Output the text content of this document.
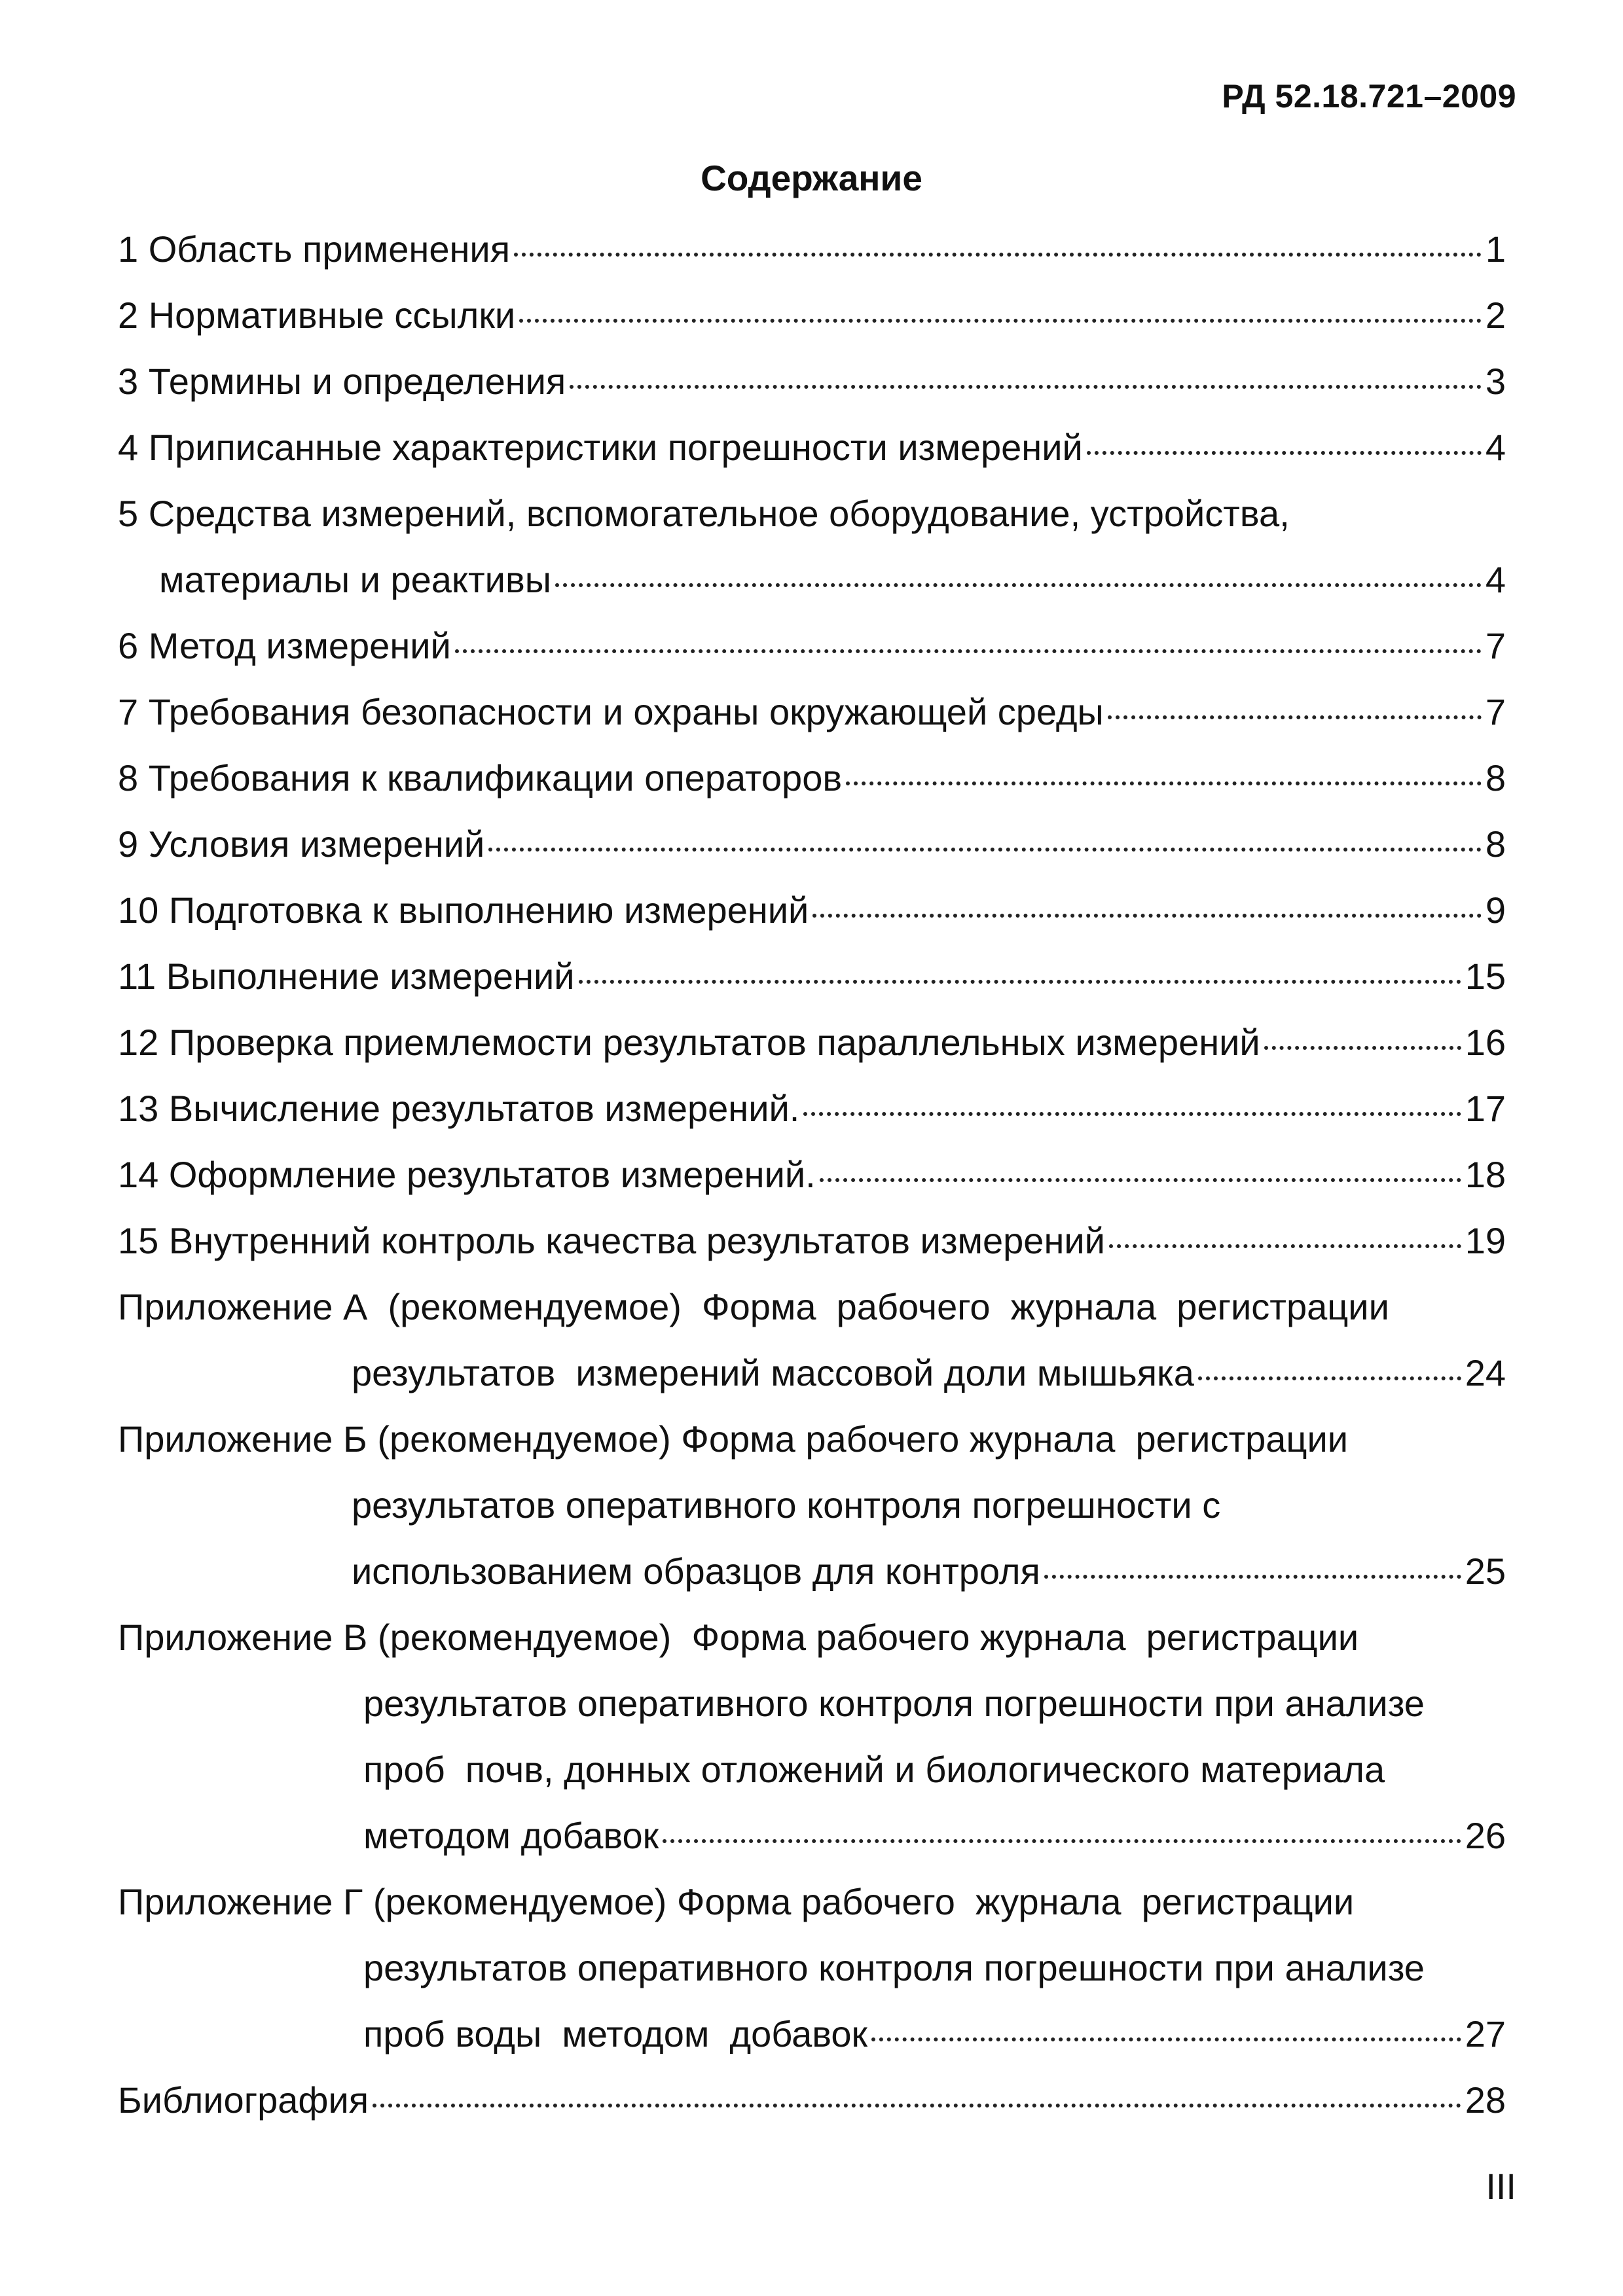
РД 52.18.721–2009
Содержание
1 Область применения	1
2 Нормативные ссылки	2
3 Термины и определения	3
4 Приписанные характеристики погрешности измерений	4
5 Средства измерений, вспомогательное оборудование, устройства,
материалы и реактивы	4
6 Метод измерений	7
7 Требования безопасности и охраны окружающей среды	7
8 Требования к квалификации операторов	8
9 Условия измерений	8
10 Подготовка к выполнению измерений	9
11 Выполнение измерений	15
12 Проверка приемлемости результатов параллельных измерений	16
13 Вычисление результатов измерений.	17
14 Оформление результатов измерений.	18
15 Внутренний контроль качества результатов измерений	19
Приложение А  (рекомендуемое)  Форма  рабочего  журнала  регистрации
результатов  измерений массовой доли мышьяка	24
Приложение Б (рекомендуемое) Форма рабочего журнала  регистрации
результатов оперативного контроля погрешности с
использованием образцов для контроля	25
Приложение В (рекомендуемое)  Форма рабочего журнала  регистрации
результатов оперативного контроля погрешности при анализе
проб  почв, донных отложений и биологического материала
методом добавок	26
Приложение Г (рекомендуемое) Форма рабочего  журнала  регистрации
результатов оперативного контроля погрешности при анализе
проб воды  методом  добавок	27
Библиография	28
III
